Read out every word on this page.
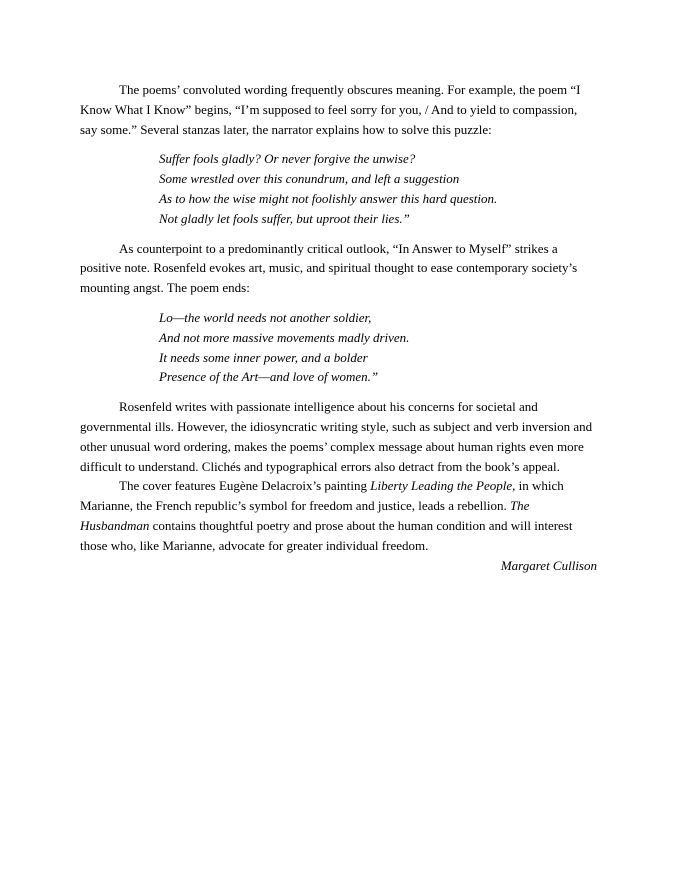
The poems’ convoluted wording frequently obscures meaning. For example, the poem “I Know What I Know” begins, “I’m supposed to feel sorry for you, / And to yield to compassion, say some.” Several stanzas later, the narrator explains how to solve this puzzle:

Suffer fools gladly? Or never forgive the unwise?
Some wrestled over this conundrum, and left a suggestion
As to how the wise might not foolishly answer this hard question.
Not gladly let fools suffer, but uproot their lies.”

As counterpoint to a predominantly critical outlook, “In Answer to Myself” strikes a positive note. Rosenfeld evokes art, music, and spiritual thought to ease contemporary society’s mounting angst. The poem ends:

Lo—the world needs not another soldier,
And not more massive movements madly driven.
It needs some inner power, and a bolder
Presence of the Art—and love of women.”

Rosenfeld writes with passionate intelligence about his concerns for societal and governmental ills. However, the idiosyncratic writing style, such as subject and verb inversion and other unusual word ordering, makes the poems’ complex message about human rights even more difficult to understand. Clichés and typographical errors also detract from the book’s appeal.

The cover features Eugène Delacroix’s painting Liberty Leading the People, in which Marianne, the French republic’s symbol for freedom and justice, leads a rebellion. The Husbandman contains thoughtful poetry and prose about the human condition and will interest those who, like Marianne, advocate for greater individual freedom.

Margaret Cullison
